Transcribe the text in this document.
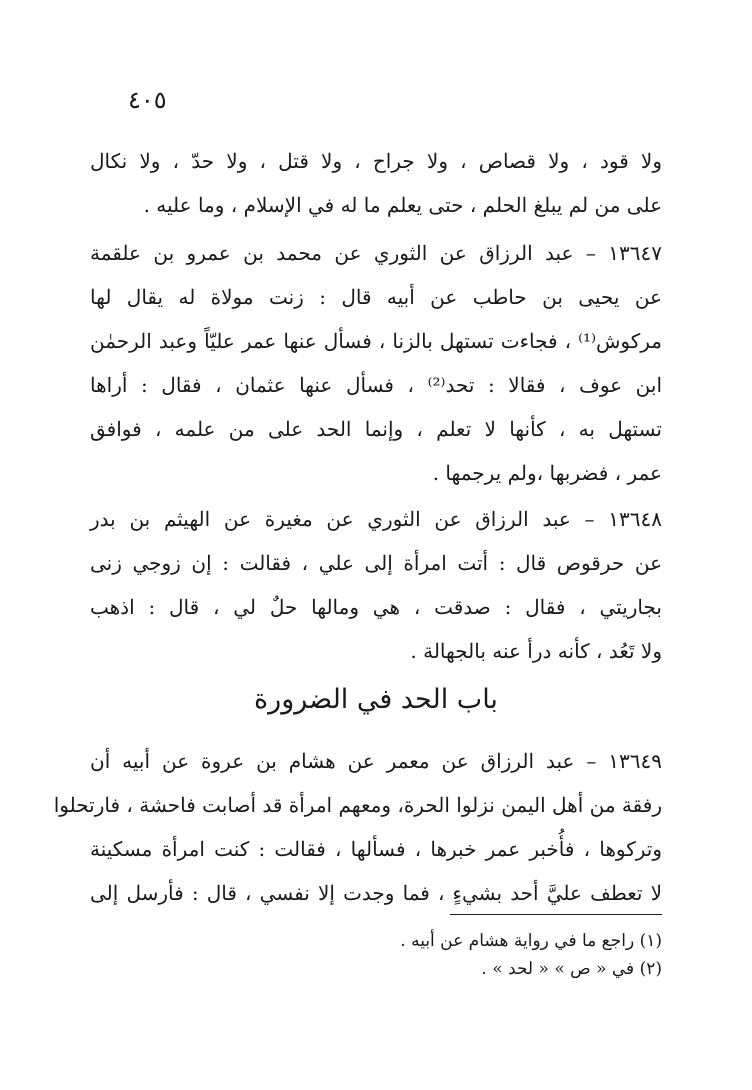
٤٠٥
ولا قود ، ولا قصاص ، ولا جراح ، ولا قتل ، ولا حدّ ، ولا نكال
على من لم يبلغ الحلم ، حتى يعلم ما له في الإسلام ، وما عليه .
١٣٦٤٧ – عبد الرزاق عن الثوري عن محمد بن عمرو بن علقمة
عن يحيى بن حاطب عن أبيه قال : زنت مولاة له يقال لها
مركوش⁽¹⁾ ، فجاءت تستهل بالزنا ، فسأل عنها عمر عليّاً وعبد الرحمٰن
ابن عوف ، فقالا : تحد⁽²⁾ ، فسأل عنها عثمان ، فقال : أراها
تستهل به ، كأنها لا تعلم ، وإنما الحد على من علمه ، فوافق
عمر ، فضربها ،ولم يرجمها .
١٣٦٤٨ – عبد الرزاق عن الثوري عن مغيرة عن الهيثم بن بدر
عن حرقوص قال : أتت امرأة إلى علي ، فقالت : إن زوجي زنى
بجاريتي ، فقال : صدقت ، هي ومالها حلٌ لي ، قال : اذهب
ولا تَعُد ، كأنه درأ عنه بالجهالة .
باب الحد في الضرورة
١٣٦٤٩ – عبد الرزاق عن معمر عن هشام بن عروة عن أبيه أن
رفقة من أهل اليمن نزلوا الحرة، ومعهم امرأة قد أصابت فاحشة ، فارتحلوا
وتركوها ، فأُخبر عمر خبرها ، فسألها ، فقالت : كنت امرأة مسكينة
لا تعطف عليَّ أحد بشيءٍ ، فما وجدت إلا نفسي ، قال : فأرسل إلى
(١) راجع ما في رواية هشام عن أبيه .
(٢) في « ص » « لحد » .
